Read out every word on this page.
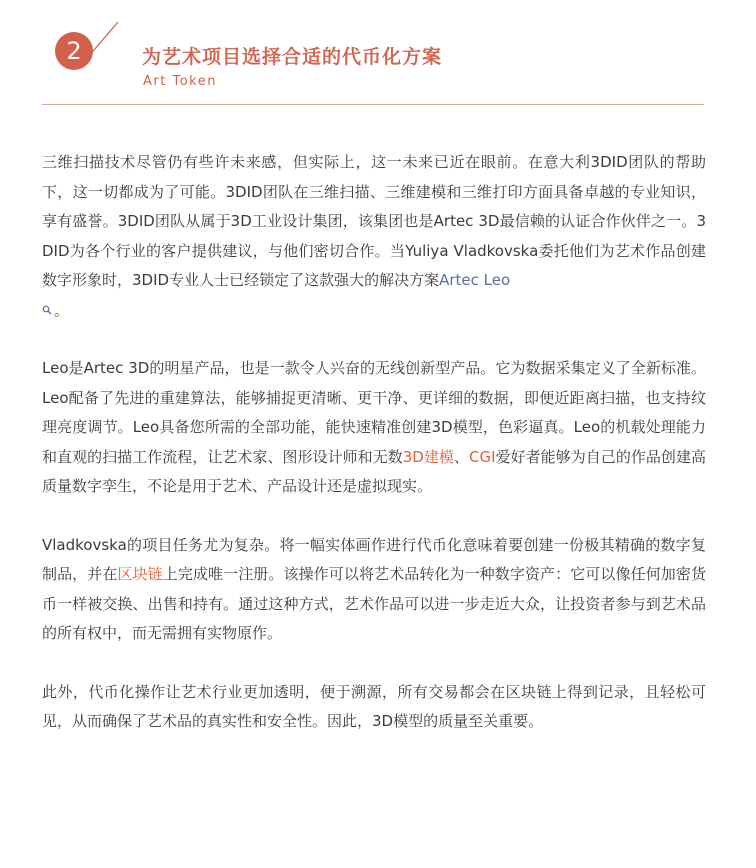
2	为艺术项目选择合适的代币化方案
Art Token

三维扫描技术尽管仍有些许未来感，但实际上，这一未来已近在眼前。在意大利3DID团队的帮助下，这一切都成为了可能。3DID团队在三维扫描、三维建模和三维打印方面具备卓越的专业知识，享有盛誉。3DID团队从属于3D工业设计集团，该集团也是Artec 3D最信赖的认证合作伙伴之一。3DID为各个行业的客户提供建议，与他们密切合作。当Yuliya Vladkovska委托他们为艺术作品创建数字形象时，3DID专业人士已经锁定了这款强大的解决方案Artec Leo
。

Leo是Artec 3D的明星产品，也是一款令人兴奋的无线创新型产品。它为数据采集定义了全新标准。Leo配备了先进的重建算法，能够捕捉更清晰、更干净、更详细的数据，即便近距离扫描，也支持纹理亮度调节。Leo具备您所需的全部功能，能快速精准创建3D模型，色彩逼真。Leo的机载处理能力和直观的扫描工作流程，让艺术家、图形设计师和无数3D建模、CGI爱好者能够为自己的作品创建高质量数字孪生，不论是用于艺术、产品设计还是虚拟现实。

Vladkovska的项目任务尤为复杂。将一幅实体画作进行代币化意味着要创建一份极其精确的数字复制品，并在区块链上完成唯一注册。该操作可以将艺术品转化为一种数字资产：它可以像任何加密货币一样被交换、出售和持有。通过这种方式，艺术作品可以进一步走近大众，让投资者参与到艺术品的所有权中，而无需拥有实物原作。

此外，代币化操作让艺术行业更加透明，便于溯源，所有交易都会在区块链上得到记录，且轻松可见，从而确保了艺术品的真实性和安全性。因此，3D模型的质量至关重要。
